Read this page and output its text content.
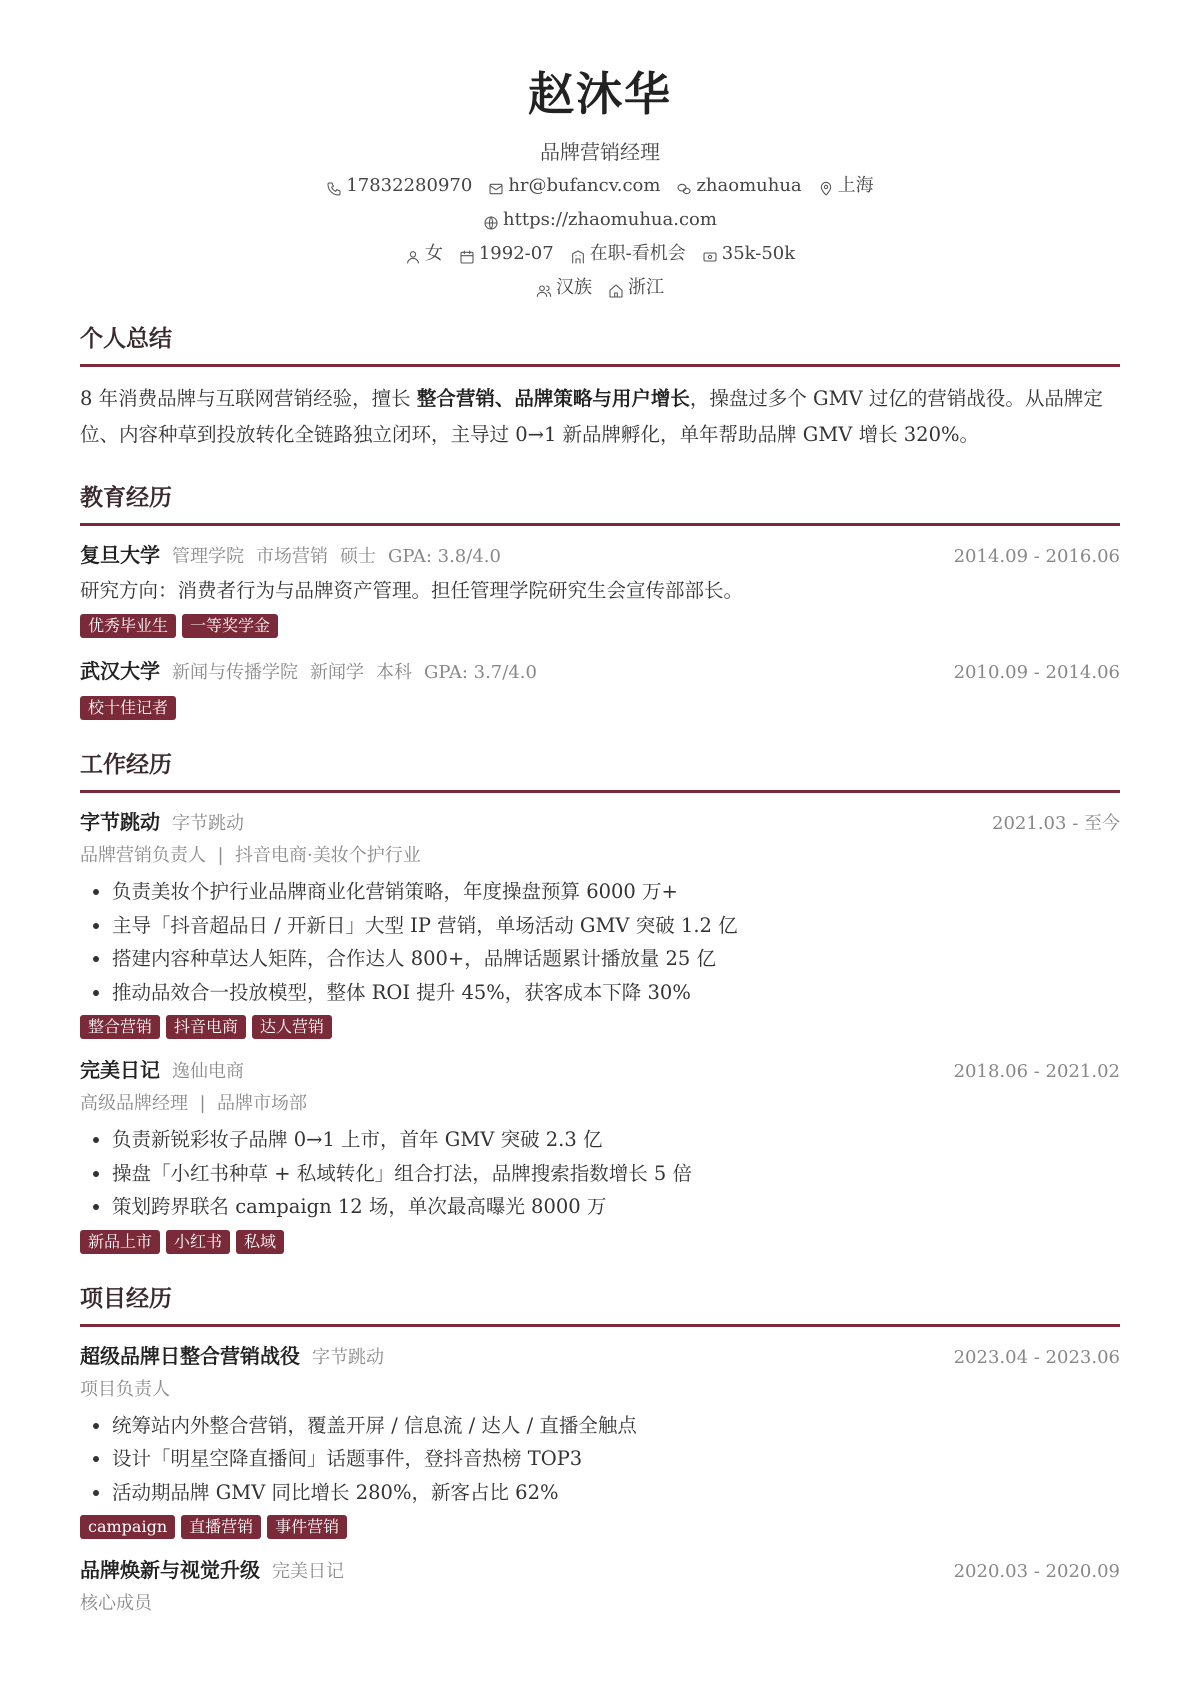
赵沐华
品牌营销经理
17832280970 hr@bufancv.com zhaomuhua 上海
https://zhaomuhua.com
女 1992-07 在职-看机会 35k-50k
汉族 浙江
个人总结
8 年消费品牌与互联网营销经验，擅长 整合营销、品牌策略与用户增长，操盘过多个 GMV 过亿的营销战役。从品牌定位、内容种草到投放转化全链路独立闭环，主导过 0→1 新品牌孵化，单年帮助品牌 GMV 增长 320%。
教育经历
复旦大学 管理学院 市场营销 硕士 GPA: 3.8/4.0	2014.09 - 2016.06
研究方向：消费者行为与品牌资产管理。担任管理学院研究生会宣传部部长。
优秀毕业生	一等奖学金
武汉大学 新闻与传播学院 新闻学 本科 GPA: 3.7/4.0	2010.09 - 2014.06
校十佳记者
工作经历
字节跳动 字节跳动	2021.03 - 至今
品牌营销负责人 | 抖音电商·美妆个护行业
• 负责美妆个护行业品牌商业化营销策略，年度操盘预算 6000 万+
• 主导「抖音超品日 / 开新日」大型 IP 营销，单场活动 GMV 突破 1.2 亿
• 搭建内容种草达人矩阵，合作达人 800+，品牌话题累计播放量 25 亿
• 推动品效合一投放模型，整体 ROI 提升 45%，获客成本下降 30%
整合营销	抖音电商	达人营销
完美日记 逸仙电商	2018.06 - 2021.02
高级品牌经理 | 品牌市场部
• 负责新锐彩妆子品牌 0→1 上市，首年 GMV 突破 2.3 亿
• 操盘「小红书种草 + 私域转化」组合打法，品牌搜索指数增长 5 倍
• 策划跨界联名 campaign 12 场，单次最高曝光 8000 万
新品上市	小红书	私域
项目经历
超级品牌日整合营销战役 字节跳动	2023.04 - 2023.06
项目负责人
• 统筹站内外整合营销，覆盖开屏 / 信息流 / 达人 / 直播全触点
• 设计「明星空降直播间」话题事件，登抖音热榜 TOP3
• 活动期品牌 GMV 同比增长 280%，新客占比 62%
campaign	直播营销	事件营销
品牌焕新与视觉升级 完美日记	2020.03 - 2020.09
核心成员
